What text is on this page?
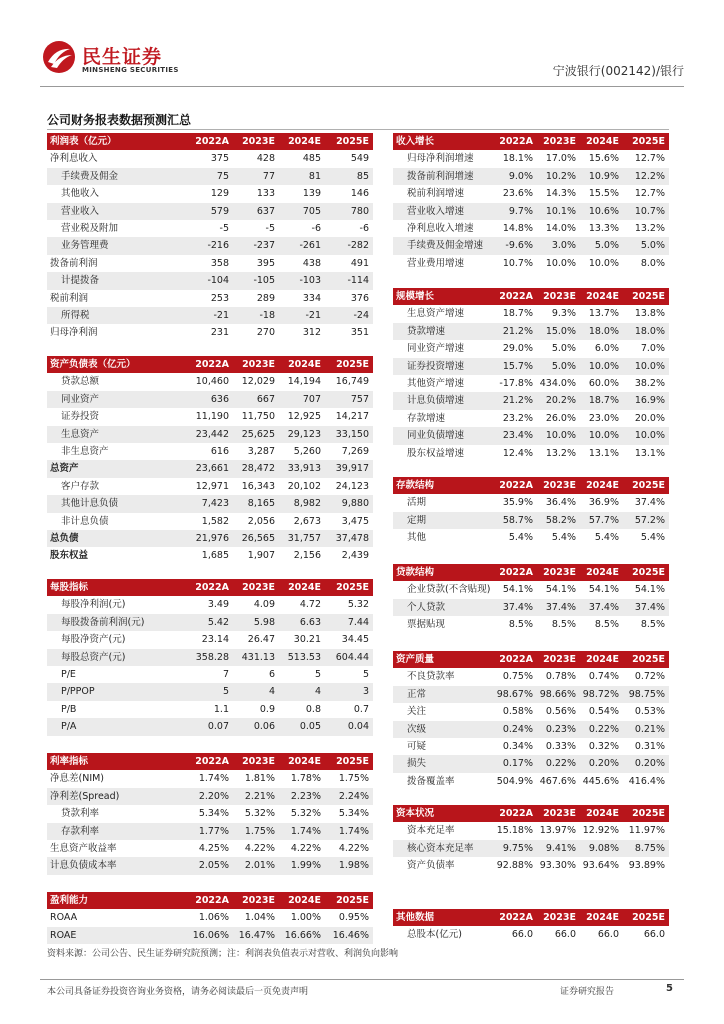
民生证券
MINSHENG SECURITIES	宁波银行(002142)/银行
公司财务报表数据预测汇总
利润表（亿元）	2022A	2023E	2024E	2025E
净利息收入	375	428	485	549
手续费及佣金	75	77	81	85
其他收入	129	133	139	146
营业收入	579	637	705	780
营业税及附加	-5	-5	-6	-6
业务管理费	-216	-237	-261	-282
拨备前利润	358	395	438	491
计提拨备	-104	-105	-103	-114
税前利润	253	289	334	376
所得税	-21	-18	-21	-24
归母净利润	231	270	312	351
资产负债表（亿元）	2022A	2023E	2024E	2025E
贷款总额	10,460	12,029	14,194	16,749
同业资产	636	667	707	757
证券投资	11,190	11,750	12,925	14,217
生息资产	23,442	25,625	29,123	33,150
非生息资产	616	3,287	5,260	7,269
总资产	23,661	28,472	33,913	39,917
客户存款	12,971	16,343	20,102	24,123
其他计息负债	7,423	8,165	8,982	9,880
非计息负债	1,582	2,056	2,673	3,475
总负债	21,976	26,565	31,757	37,478
股东权益	1,685	1,907	2,156	2,439
每股指标	2022A	2023E	2024E	2025E
每股净利润(元)	3.49	4.09	4.72	5.32
每股拨备前利润(元)	5.42	5.98	6.63	7.44
每股净资产(元)	23.14	26.47	30.21	34.45
每股总资产(元)	358.28	431.13	513.53	604.44
P/E	7	6	5	5
P/PPOP	5	4	4	3
P/B	1.1	0.9	0.8	0.7
P/A	0.07	0.06	0.05	0.04
利率指标	2022A	2023E	2024E	2025E
净息差(NIM)	1.74%	1.81%	1.78%	1.75%
净利差(Spread)	2.20%	2.21%	2.23%	2.24%
贷款利率	5.34%	5.32%	5.32%	5.34%
存款利率	1.77%	1.75%	1.74%	1.74%
生息资产收益率	4.25%	4.22%	4.22%	4.22%
计息负债成本率	2.05%	2.01%	1.99%	1.98%
盈利能力	2022A	2023E	2024E	2025E
ROAA	1.06%	1.04%	1.00%	0.95%
ROAE	16.06%	16.47%	16.66%	16.46%
收入增长	2022A	2023E	2024E	2025E
归母净利润增速	18.1%	17.0%	15.6%	12.7%
拨备前利润增速	9.0%	10.2%	10.9%	12.2%
税前利润增速	23.6%	14.3%	15.5%	12.7%
营业收入增速	9.7%	10.1%	10.6%	10.7%
净利息收入增速	14.8%	14.0%	13.3%	13.2%
手续费及佣金增速	-9.6%	3.0%	5.0%	5.0%
营业费用增速	10.7%	10.0%	10.0%	8.0%
规模增长	2022A	2023E	2024E	2025E
生息资产增速	18.7%	9.3%	13.7%	13.8%
贷款增速	21.2%	15.0%	18.0%	18.0%
同业资产增速	29.0%	5.0%	6.0%	7.0%
证券投资增速	15.7%	5.0%	10.0%	10.0%
其他资产增速	-17.8%	434.0%	60.0%	38.2%
计息负债增速	21.2%	20.2%	18.7%	16.9%
存款增速	23.2%	26.0%	23.0%	20.0%
同业负债增速	23.4%	10.0%	10.0%	10.0%
股东权益增速	12.4%	13.2%	13.1%	13.1%
存款结构	2022A	2023E	2024E	2025E
活期	35.9%	36.4%	36.9%	37.4%
定期	58.7%	58.2%	57.7%	57.2%
其他	5.4%	5.4%	5.4%	5.4%
贷款结构	2022A	2023E	2024E	2025E
企业贷款(不含贴现)	54.1%	54.1%	54.1%	54.1%
个人贷款	37.4%	37.4%	37.4%	37.4%
票据贴现	8.5%	8.5%	8.5%	8.5%
资产质量	2022A	2023E	2024E	2025E
不良贷款率	0.75%	0.78%	0.74%	0.72%
正常	98.67%	98.66%	98.72%	98.75%
关注	0.58%	0.56%	0.54%	0.53%
次级	0.24%	0.23%	0.22%	0.21%
可疑	0.34%	0.33%	0.32%	0.31%
损失	0.17%	0.22%	0.20%	0.20%
拨备覆盖率	504.9%	467.6%	445.6%	416.4%
资本状况	2022A	2023E	2024E	2025E
资本充足率	15.18%	13.97%	12.92%	11.97%
核心资本充足率	9.75%	9.41%	9.08%	8.75%
资产负债率	92.88%	93.30%	93.64%	93.89%
其他数据	2022A	2023E	2024E	2025E
总股本(亿元)	66.0	66.0	66.0	66.0
资料来源：公司公告、民生证券研究院预测；注：利润表负值表示对营收、利润负向影响
本公司具备证券投资咨询业务资格，请务必阅读最后一页免责声明	证券研究报告	5
